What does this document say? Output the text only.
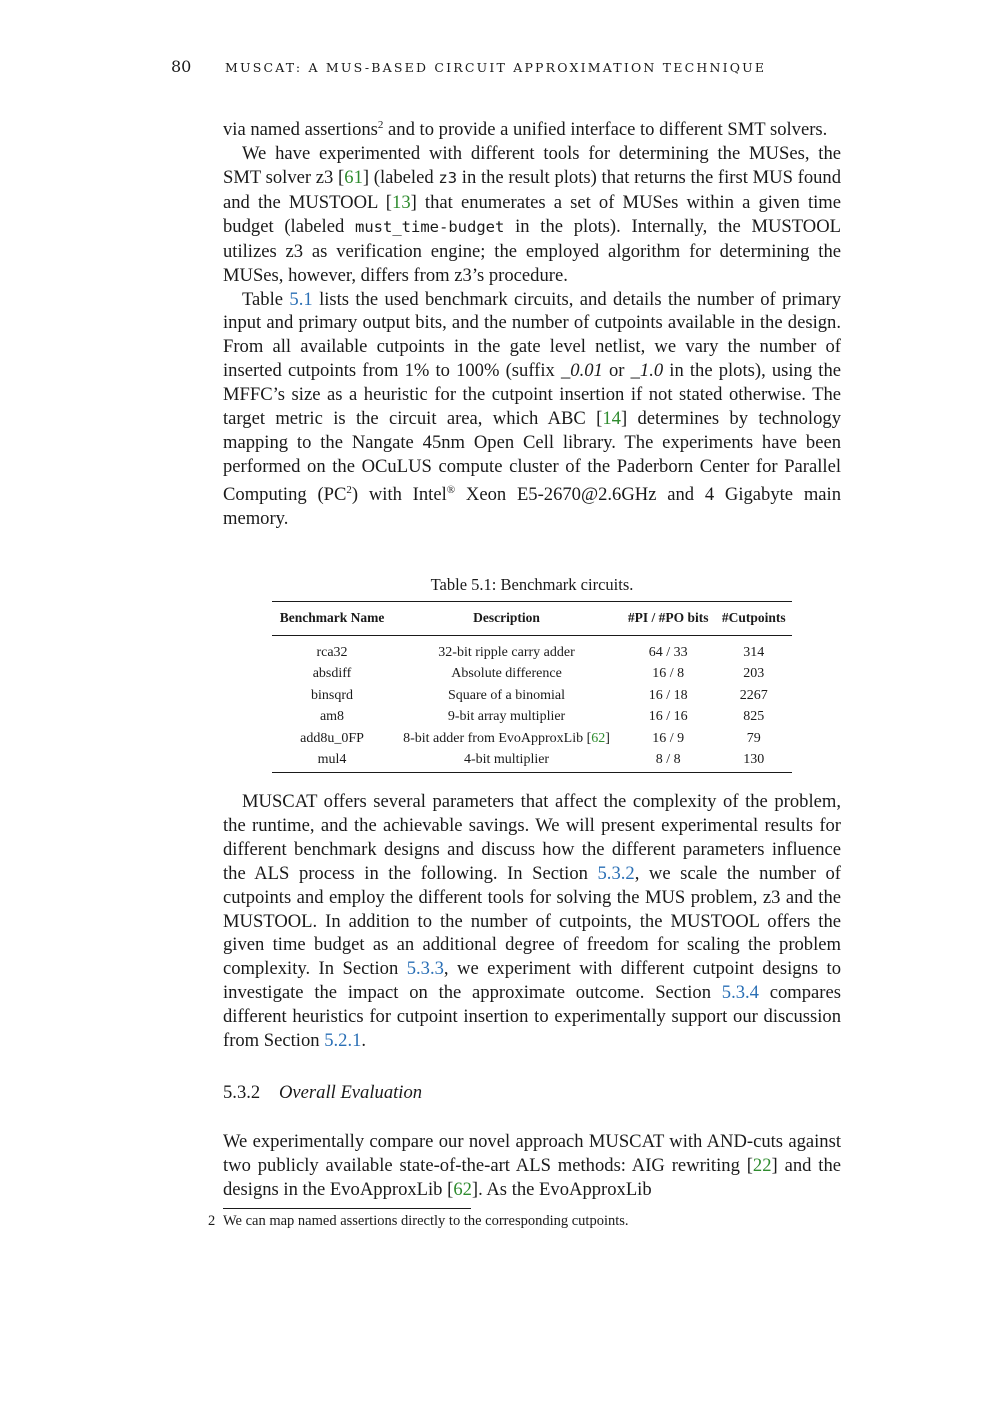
80	MUSCAT: A MUS-BASED CIRCUIT APPROXIMATION TECHNIQUE

via named assertions$^2$ and to provide a unified interface to different SMT solvers.

We have experimented with different tools for determining the MUSes, the SMT solver z3 [61] (labeled z3 in the result plots) that returns the first MUS found and the MUSTOOL [13] that enumerates a set of MUSes within a given time budget (labeled must_time-budget in the plots). Internally, the MUSTOOL utilizes z3 as verification engine; the employed algorithm for determining the MUSes, however, differs from z3’s procedure.

Table 5.1 lists the used benchmark circuits, and details the number of primary input and primary output bits, and the number of cutpoints available in the design. From all available cutpoints in the gate level netlist, we vary the number of inserted cutpoints from 1% to 100% (suffix _0.01 or _1.0 in the plots), using the MFFC’s size as a heuristic for the cutpoint insertion if not stated otherwise. The target metric is the circuit area, which ABC [14] determines by technology mapping to the Nangate 45nm Open Cell library. The experiments have been performed on the OCuLUS compute cluster of the Paderborn Center for Parallel Computing $(PC^2)$ with Intel® Xeon E5-2670@2.6GHz and 4 Gigabyte main memory.

Table 5.1: Benchmark circuits.
Benchmark Name	Description	#PI / #PO bits	#Cutpoints
rca32	32-bit ripple carry adder	64 / 33	314
absdiff	Absolute difference	16 / 8	203
binsqrd	Square of a binomial	16 / 18	2267
am8	9-bit array multiplier	16 / 16	825
add8u_0FP	8-bit adder from EvoApproxLib [62]	16 / 9	79
mul4	4-bit multiplier	8 / 8	130

MUSCAT offers several parameters that affect the complexity of the problem, the runtime, and the achievable savings. We will present experimental results for different benchmark designs and discuss how the different parameters influence the ALS process in the following. In Section 5.3.2, we scale the number of cutpoints and employ the different tools for solving the MUS problem, z3 and the MUSTOOL. In addition to the number of cutpoints, the MUSTOOL offers the given time budget as an additional degree of freedom for scaling the problem complexity. In Section 5.3.3, we experiment with different cutpoint designs to investigate the impact on the approximate outcome. Section 5.3.4 compares different heuristics for cutpoint insertion to experimentally support our discussion from Section 5.2.1.

5.3.2 Overall Evaluation

We experimentally compare our novel approach MUSCAT with AND-cuts against two publicly available state-of-the-art ALS methods: AIG rewriting [22] and the designs in the EvoApproxLib [62]. As the EvoApproxLib

2 We can map named assertions directly to the corresponding cutpoints.
